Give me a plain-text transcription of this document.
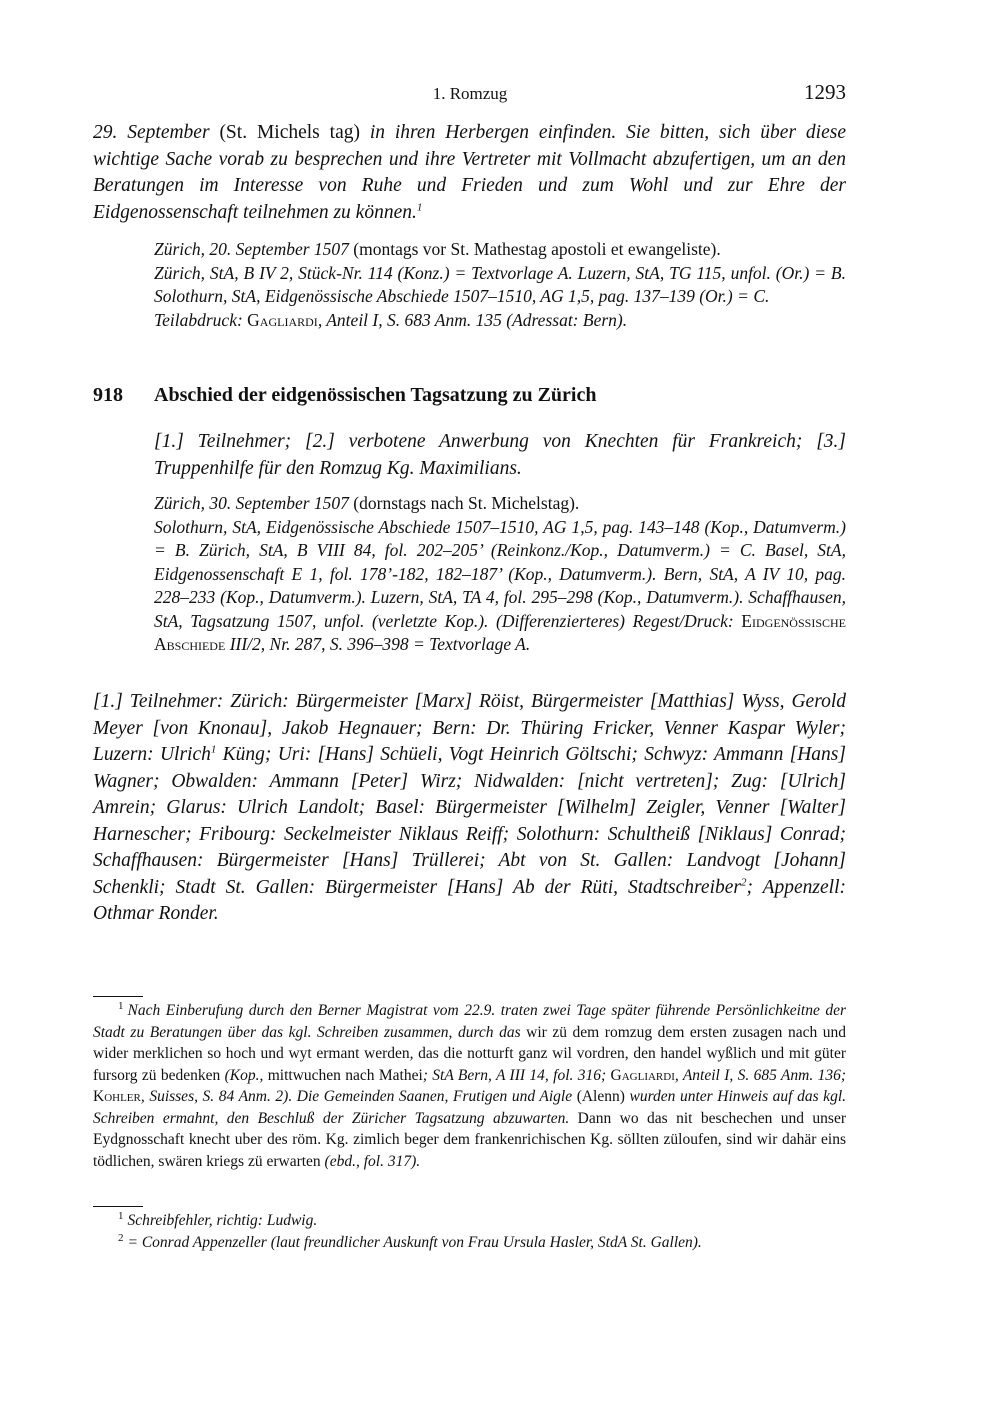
1. Romzug	1293
29. September (St. Michels tag) in ihren Herbergen einfinden. Sie bitten, sich über diese wichtige Sache vorab zu besprechen und ihre Vertreter mit Vollmacht abzufertigen, um an den Beratungen im Interesse von Ruhe und Frieden und zum Wohl und zur Ehre der Eidgenossenschaft teilnehmen zu können.$^1$
Zürich, 20. September 1507 (montags vor St. Mathestag apostoli et ewangeliste).
Zürich, StA, B IV 2, Stück-Nr. 114 (Konz.) = Textvorlage A. Luzern, StA, TG 115, unfol. (Or.) = B. Solothurn, StA, Eidgenössische Abschiede 1507–1510, AG 1,5, pag. 137–139 (Or.) = C.
Teilabdruck: Gagliardi, Anteil I, S. 683 Anm. 135 (Adressat: Bern).
918 Abschied der eidgenössischen Tagsatzung zu Zürich
[1.] Teilnehmer; [2.] verbotene Anwerbung von Knechten für Frankreich; [3.] Truppenhilfe für den Romzug Kg. Maximilians.
Zürich, 30. September 1507 (dornstags nach St. Michelstag).
Solothurn, StA, Eidgenössische Abschiede 1507–1510, AG 1,5, pag. 143–148 (Kop., Datumverm.) = B. Zürich, StA, B VIII 84, fol. 202–205’ (Reinkonz./Kop., Datumverm.) = C. Basel, StA, Eidgenossenschaft E 1, fol. 178’-182, 182–187’ (Kop., Datumverm.). Bern, StA, A IV 10, pag. 228–233 (Kop., Datumverm.). Luzern, StA, TA 4, fol. 295–298 (Kop., Datumverm.). Schaffhausen, StA, Tagsatzung 1507, unfol. (verletzte Kop.). (Differenzierteres) Regest/Druck: Eidgenössische Abschiede III/2, Nr. 287, S. 396–398 = Textvorlage A.
[1.] Teilnehmer: Zürich: Bürgermeister [Marx] Röist, Bürgermeister [Matthias] Wyss, Gerold Meyer [von Knonau], Jakob Hegnauer; Bern: Dr. Thüring Fricker, Venner Kaspar Wyler; Luzern: Ulrich$^1$ Küng; Uri: [Hans] Schüeli, Vogt Heinrich Göltschi; Schwyz: Ammann [Hans] Wagner; Obwalden: Ammann [Peter] Wirz; Nidwalden: [nicht vertreten]; Zug: [Ulrich] Amrein; Glarus: Ulrich Landolt; Basel: Bürgermeister [Wilhelm] Zeigler, Venner [Walter] Harnescher; Fribourg: Seckelmeister Niklaus Reiff; Solothurn: Schultheiß [Niklaus] Conrad; Schaffhausen: Bürgermeister [Hans] Trüllerei; Abt von St. Gallen: Landvogt [Johann] Schenkli; Stadt St. Gallen: Bürgermeister [Hans] Ab der Rüti, Stadtschreiber$^2$; Appenzell: Othmar Ronder.
$^1$ Nach Einberufung durch den Berner Magistrat vom 22.9. traten zwei Tage später führende Persönlichkeitne der Stadt zu Beratungen über das kgl. Schreiben zusammen, durch das wir zü dem romzug dem ersten zusagen nach und wider merklichen so hoch und wyt ermant werden, das die notturft ganz wil vordren, den handel wyßlich und mit güter fursorg zü bedenken (Kop., mittwuchen nach Mathei; StA Bern, A III 14, fol. 316; Gagliardi, Anteil I, S. 685 Anm. 136; Kohler, Suisses, S. 84 Anm. 2). Die Gemeinden Saanen, Frutigen und Aigle (Alenn) wurden unter Hinweis auf das kgl. Schreiben ermahnt, den Beschluß der Züricher Tagsatzung abzuwarten. Dann wo das nit beschechen und unser Eydgnosschaft knecht uber des röm. Kg. zimlich beger dem frankenrichischen Kg. söllten züloufen, sind wir dahär eins tödlichen, swären kriegs zü erwarten (ebd., fol. 317).
$^1$ Schreibfehler, richtig: Ludwig.
$^2$ = Conrad Appenzeller (laut freundlicher Auskunft von Frau Ursula Hasler, StdA St. Gallen).
